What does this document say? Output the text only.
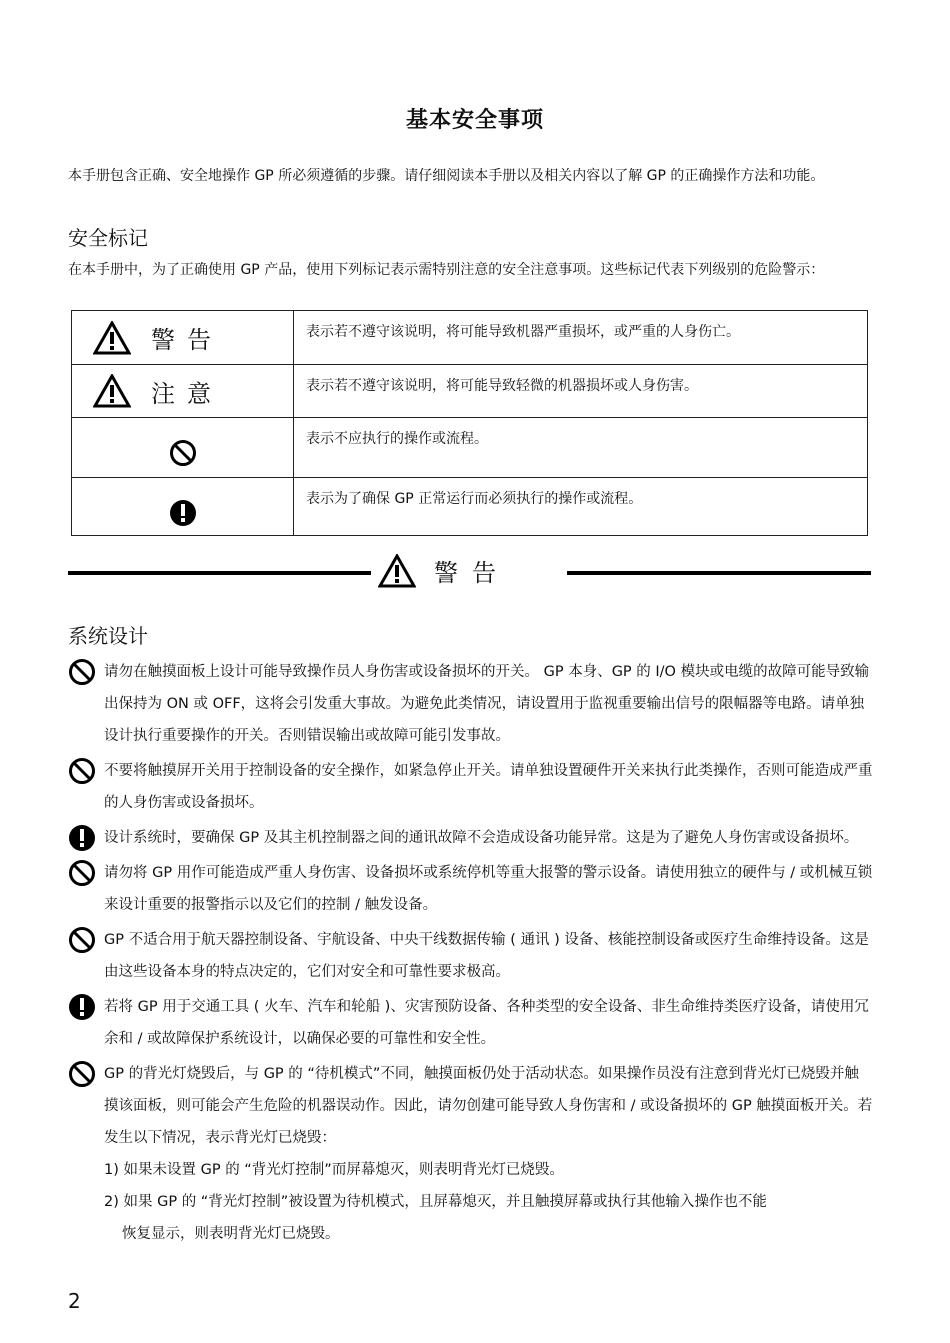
基本安全事项
本手册包含正确、安全地操作 GP 所必须遵循的步骤。请仔细阅读本手册以及相关内容以了解 GP 的正确操作方法和功能。
安全标记
在本手册中，为了正确使用 GP 产品，使用下列标记表示需特别注意的安全注意事项。这些标记代表下列级别的危险警示：
警告	表示若不遵守该说明，将可能导致机器严重损坏，或严重的人身伤亡。

注意	表示若不遵守该说明，将可能导致轻微的机器损坏或人身伤害。

	表示不应执行的操作或流程。

	表示为了确保 GP 正常运行而必须执行的操作或流程。
警告
系统设计

请勿在触摸面板上设计可能导致操作员人身伤害或设备损坏的开关。 GP 本身、GP 的 I/O 模块或电缆的故障可能导致输出保持为 ON 或 OFF，这将会引发重大事故。为避免此类情况，请设置用于监视重要输出信号的限幅器等电路。请单独设计执行重要操作的开关。否则错误输出或故障可能引发事故。

不要将触摸屏开关用于控制设备的安全操作，如紧急停止开关。请单独设置硬件开关来执行此类操作，否则可能造成严重的人身伤害或设备损坏。

设计系统时，要确保 GP 及其主机控制器之间的通讯故障不会造成设备功能异常。这是为了避免人身伤害或设备损坏。

请勿将 GP 用作可能造成严重人身伤害、设备损坏或系统停机等重大报警的警示设备。请使用独立的硬件与 / 或机械互锁来设计重要的报警指示以及它们的控制 / 触发设备。

GP 不适合用于航天器控制设备、宇航设备、中央干线数据传输 ( 通讯 ) 设备、核能控制设备或医疗生命维持设备。这是由这些设备本身的特点决定的，它们对安全和可靠性要求极高。

若将 GP 用于交通工具 ( 火车、汽车和轮船 )、灾害预防设备、各种类型的安全设备、非生命维持类医疗设备，请使用冗余和 / 或故障保护系统设计，以确保必要的可靠性和安全性。

GP 的背光灯烧毁后，与 GP 的 “待机模式”不同，触摸面板仍处于活动状态。如果操作员没有注意到背光灯已烧毁并触摸该面板，则可能会产生危险的机器误动作。因此，请勿创建可能导致人身伤害和 / 或设备损坏的 GP 触摸面板开关。若发生以下情况，表示背光灯已烧毁：

1) 如果未设置 GP 的 “背光灯控制”而屏幕熄灭，则表明背光灯已烧毁。

2) 如果 GP 的 “背光灯控制”被设置为待机模式，且屏幕熄灭，并且触摸屏幕或执行其他输入操作也不能

恢复显示，则表明背光灯已烧毁。

2
